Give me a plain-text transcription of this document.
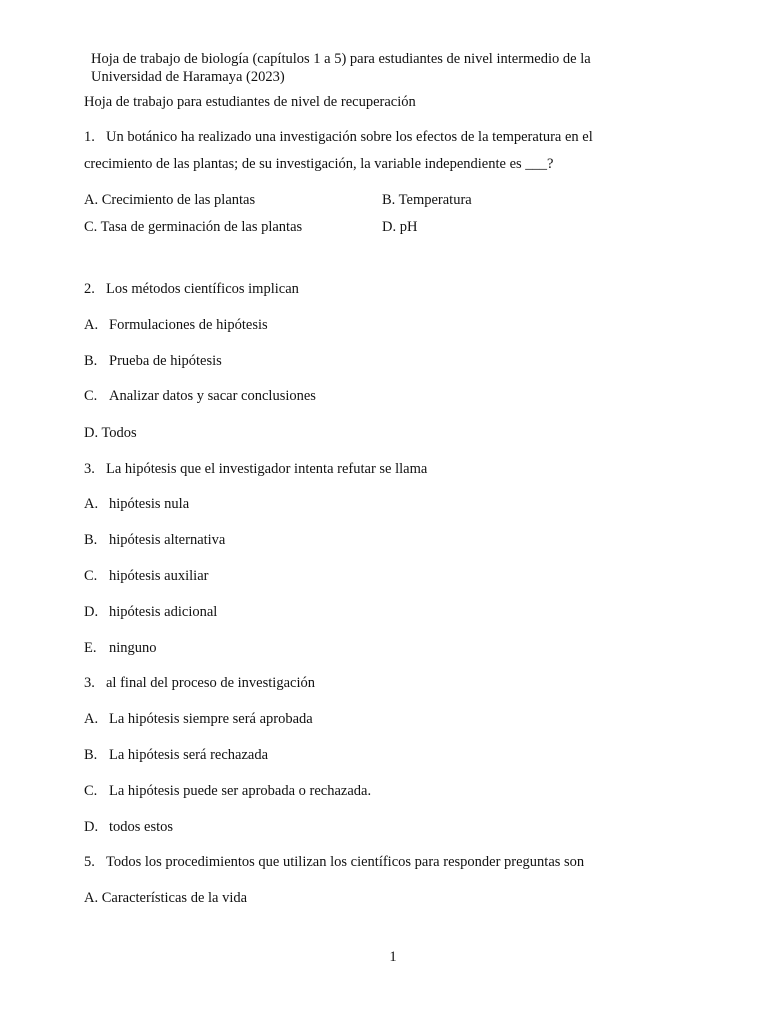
Hoja de trabajo de biología (capítulos 1 a 5) para estudiantes de nivel intermedio de la Universidad de Haramaya (2023)
Hoja de trabajo para estudiantes de nivel de recuperación
1. Un botánico ha realizado una investigación sobre los efectos de la temperatura en el
crecimiento de las plantas; de su investigación, la variable independiente es ___?
A. Crecimiento de las plantas	B. Temperatura
C. Tasa de germinación de las plantas	D. pH
2. Los métodos científicos implican
A. Formulaciones de hipótesis
B. Prueba de hipótesis
C. Analizar datos y sacar conclusiones
D. Todos
3. La hipótesis que el investigador intenta refutar se llama
A. hipótesis nula
B. hipótesis alternativa
C. hipótesis auxiliar
D. hipótesis adicional
E. ninguno
3. al final del proceso de investigación
A. La hipótesis siempre será aprobada
B. La hipótesis será rechazada
C. La hipótesis puede ser aprobada o rechazada.
D. todos estos
5. Todos los procedimientos que utilizan los científicos para responder preguntas son
A. Características de la vida
1
